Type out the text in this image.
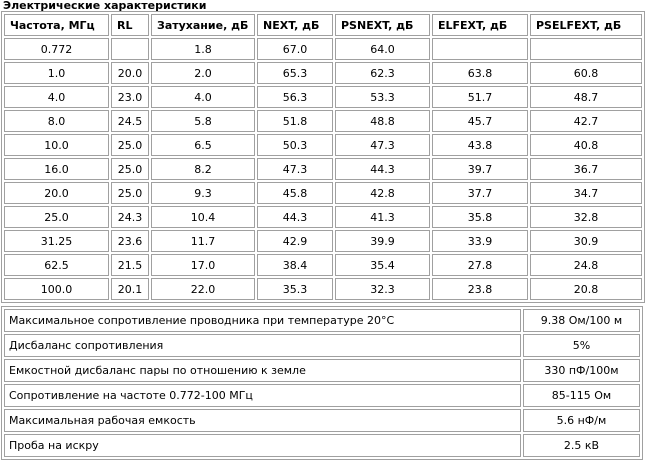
Электрические характеристики
Частота, МГц	RL	Затухание, дБ	NEXT, дБ	PSNEXT, дБ	ELFEXT, дБ	PSELFEXT, дБ
0.772		1.8	67.0	64.0		
1.0	20.0	2.0	65.3	62.3	63.8	60.8
4.0	23.0	4.0	56.3	53.3	51.7	48.7
8.0	24.5	5.8	51.8	48.8	45.7	42.7
10.0	25.0	6.5	50.3	47.3	43.8	40.8
16.0	25.0	8.2	47.3	44.3	39.7	36.7
20.0	25.0	9.3	45.8	42.8	37.7	34.7
25.0	24.3	10.4	44.3	41.3	35.8	32.8
31.25	23.6	11.7	42.9	39.9	33.9	30.9
62.5	21.5	17.0	38.4	35.4	27.8	24.8
100.0	20.1	22.0	35.3	32.3	23.8	20.8
Максимальное сопротивление проводника при температуре 20°C	9.38 Ом/100 м
Дисбаланс сопротивления	5%
Емкостной дисбаланс пары по отношению к земле	330 пФ/100м
Сопротивление на частоте 0.772-100 МГц	85-115 Ом
Максимальная рабочая емкость	5.6 нФ/м
Проба на искру	2.5 кВ
